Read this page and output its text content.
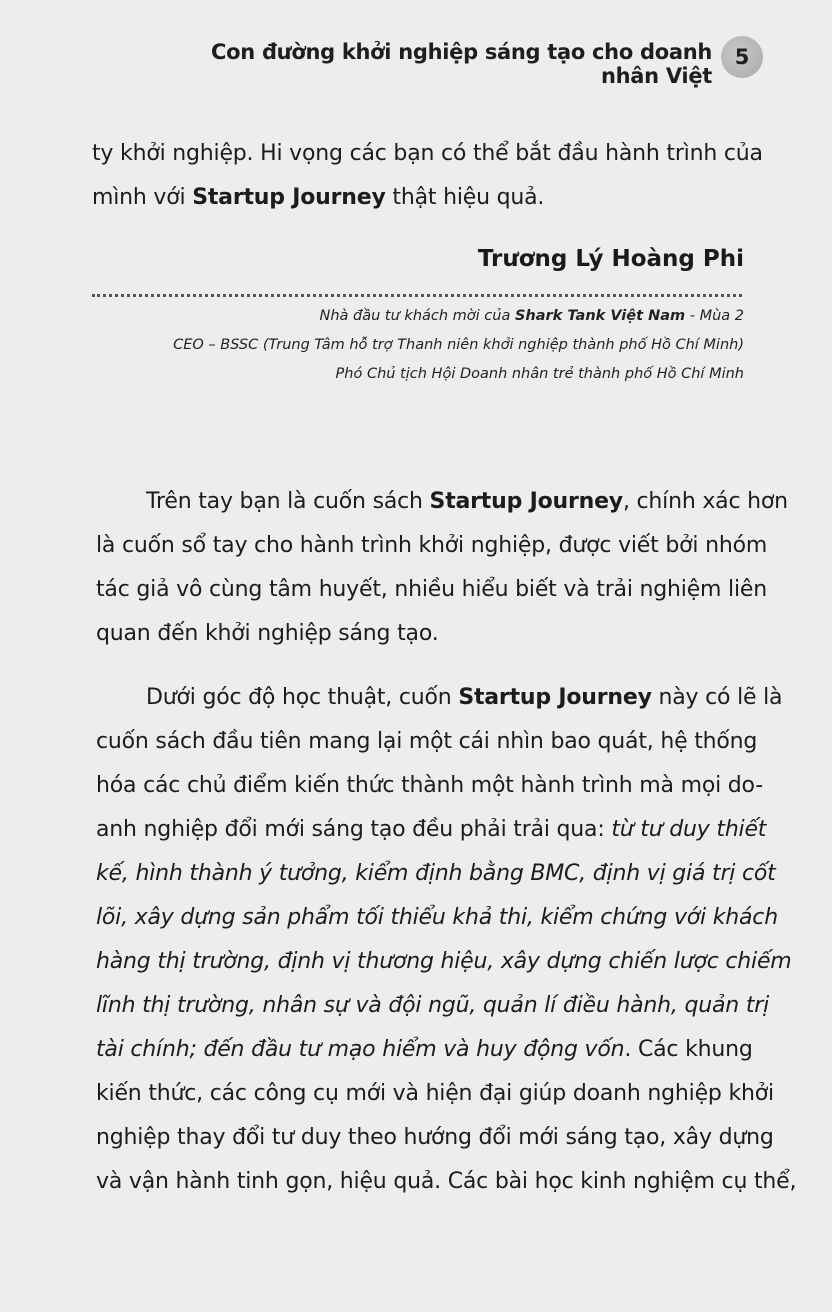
Con đường khởi nghiệp sáng tạo cho doanh nhân Việt
5

ty khởi nghiệp. Hi vọng các bạn có thể bắt đầu hành trình của
mình với Startup Journey thật hiệu quả.

Trương Lý Hoàng Phi
Nhà đầu tư khách mời của Shark Tank Việt Nam - Mùa 2
CEO – BSSC (Trung Tâm hỗ trợ Thanh niên khởi nghiệp thành phố Hồ Chí Minh)
Phó Chủ tịch Hội Doanh nhân trẻ thành phố Hồ Chí Minh

Trên tay bạn là cuốn sách Startup Journey, chính xác hơn
là cuốn sổ tay cho hành trình khởi nghiệp, được viết bởi nhóm
tác giả vô cùng tâm huyết, nhiều hiểu biết và trải nghiệm liên
quan đến khởi nghiệp sáng tạo.

Dưới góc độ học thuật, cuốn Startup Journey này có lẽ là
cuốn sách đầu tiên mang lại một cái nhìn bao quát, hệ thống
hóa các chủ điểm kiến thức thành một hành trình mà mọi do-
anh nghiệp đổi mới sáng tạo đều phải trải qua: từ tư duy thiết
kế, hình thành ý tưởng, kiểm định bằng BMC, định vị giá trị cốt
lõi, xây dựng sản phẩm tối thiểu khả thi, kiểm chứng với khách
hàng thị trường, định vị thương hiệu, xây dựng chiến lược chiếm
lĩnh thị trường, nhân sự và đội ngũ, quản lí điều hành, quản trị
tài chính; đến đầu tư mạo hiểm và huy động vốn. Các khung
kiến thức, các công cụ mới và hiện đại giúp doanh nghiệp khởi
nghiệp thay đổi tư duy theo hướng đổi mới sáng tạo, xây dựng
và vận hành tinh gọn, hiệu quả. Các bài học kinh nghiệm cụ thể,
